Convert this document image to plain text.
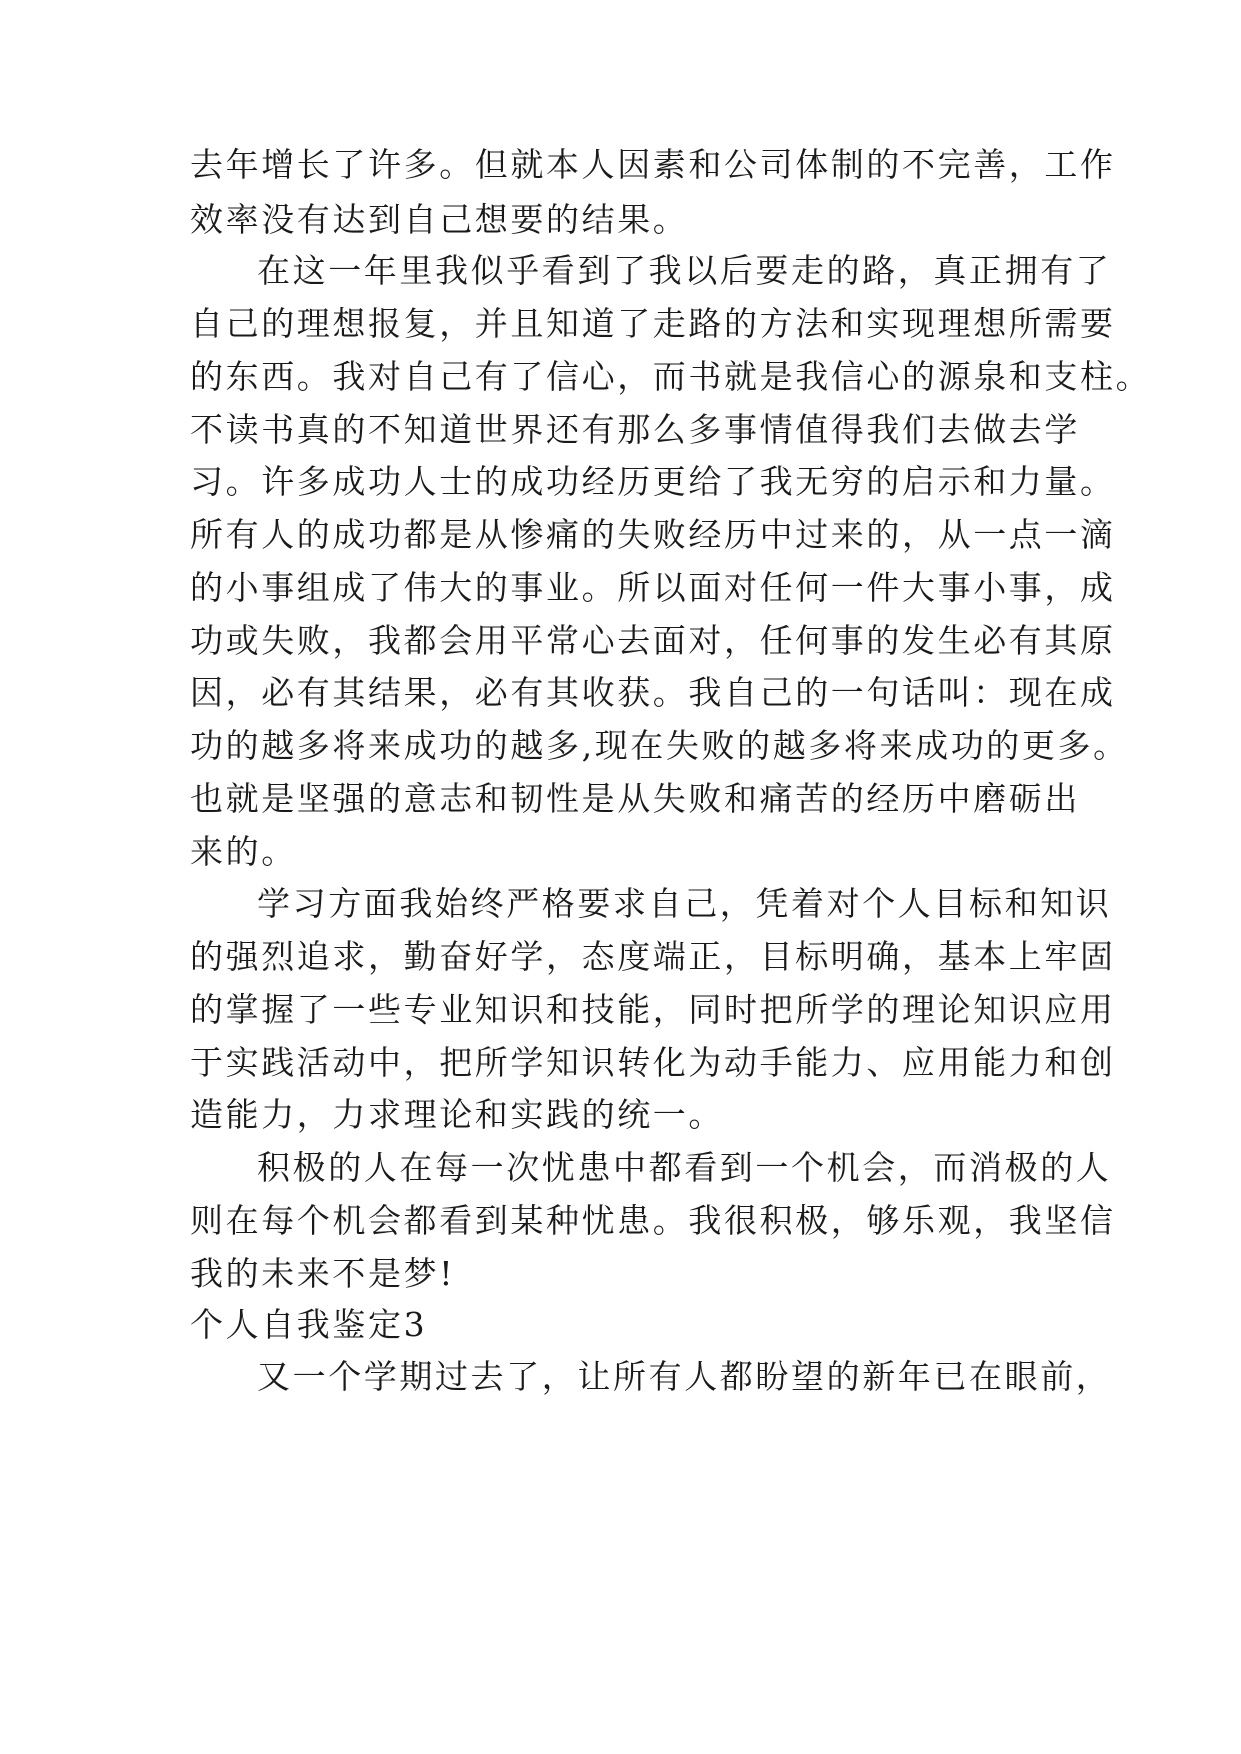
去年增长了许多。但就本人因素和公司体制的不完善，工作
效率没有达到自己想要的结果。
在这一年里我似乎看到了我以后要走的路，真正拥有了
自己的理想报复，并且知道了走路的方法和实现理想所需要
的东西。我对自己有了信心，而书就是我信心的源泉和支柱。
不读书真的不知道世界还有那么多事情值得我们去做去学
习。许多成功人士的成功经历更给了我无穷的启示和力量。
所有人的成功都是从惨痛的失败经历中过来的，从一点一滴
的小事组成了伟大的事业。所以面对任何一件大事小事，成
功或失败，我都会用平常心去面对，任何事的发生必有其原
因，必有其结果，必有其收获。我自己的一句话叫：现在成
功的越多将来成功的越多,现在失败的越多将来成功的更多。
也就是坚强的意志和韧性是从失败和痛苦的经历中磨砺出
来的。
学习方面我始终严格要求自己，凭着对个人目标和知识
的强烈追求，勤奋好学，态度端正，目标明确，基本上牢固
的掌握了一些专业知识和技能，同时把所学的理论知识应用
于实践活动中，把所学知识转化为动手能力、应用能力和创
造能力，力求理论和实践的统一。
积极的人在每一次忧患中都看到一个机会，而消极的人
则在每个机会都看到某种忧患。我很积极，够乐观，我坚信
我的未来不是梦!
个人自我鉴定3
又一个学期过去了，让所有人都盼望的新年已在眼前，
